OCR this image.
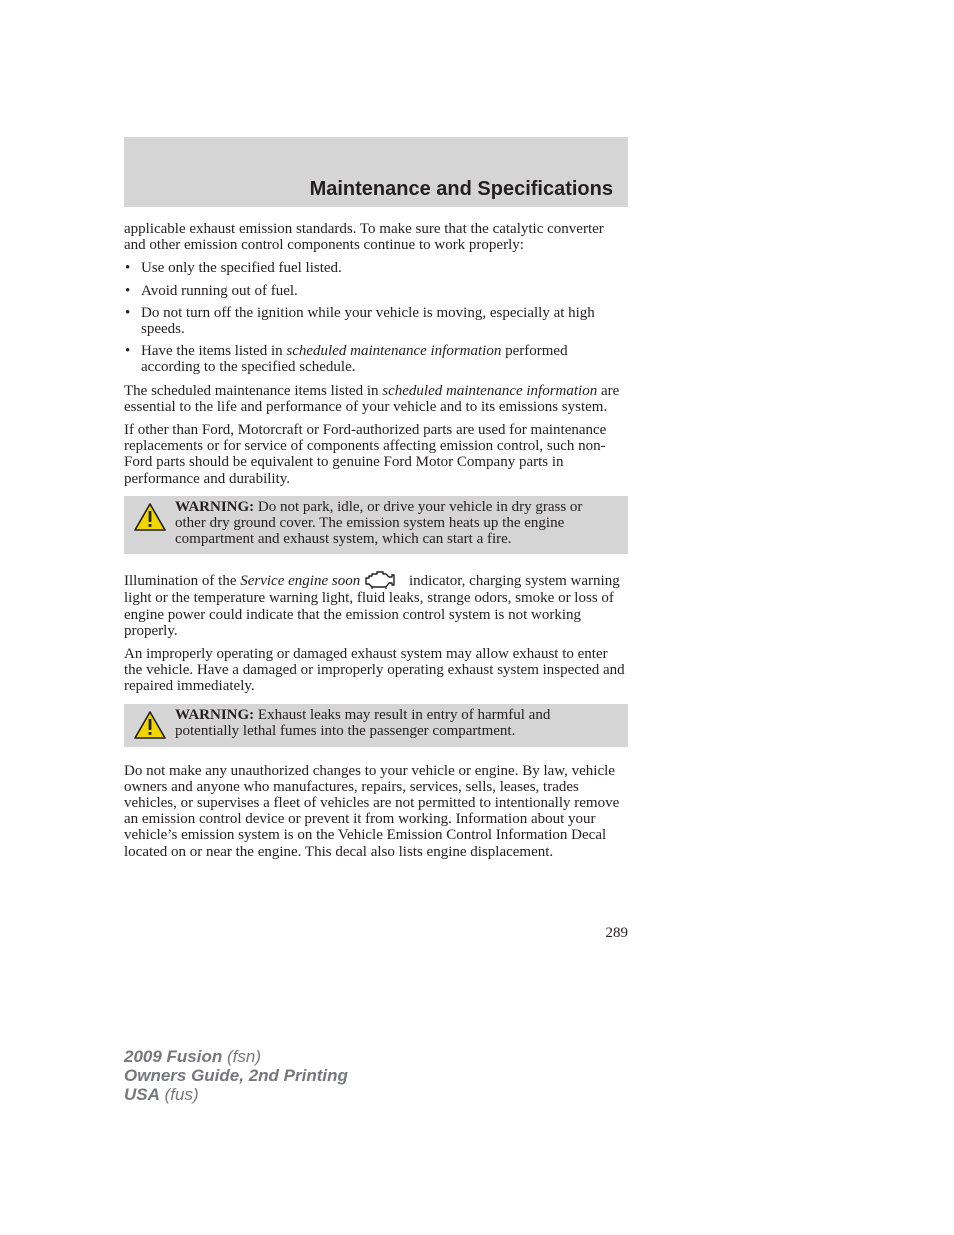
Maintenance and Specifications

applicable exhaust emission standards. To make sure that the catalytic converter and other emission control components continue to work properly:

• Use only the specified fuel listed.
• Avoid running out of fuel.
• Do not turn off the ignition while your vehicle is moving, especially at high speeds.
• Have the items listed in scheduled maintenance information performed according to the specified schedule.

The scheduled maintenance items listed in scheduled maintenance information are essential to the life and performance of your vehicle and to its emissions system.

If other than Ford, Motorcraft or Ford-authorized parts are used for maintenance replacements or for service of components affecting emission control, such non-Ford parts should be equivalent to genuine Ford Motor Company parts in performance and durability.

WARNING: Do not park, idle, or drive your vehicle in dry grass or other dry ground cover. The emission system heats up the engine compartment and exhaust system, which can start a fire.

Illumination of the Service engine soon	indicator, charging system warning light or the temperature warning light, fluid leaks, strange odors, smoke or loss of engine power could indicate that the emission control system is not working properly.

An improperly operating or damaged exhaust system may allow exhaust to enter the vehicle. Have a damaged or improperly operating exhaust system inspected and repaired immediately.

WARNING: Exhaust leaks may result in entry of harmful and potentially lethal fumes into the passenger compartment.

Do not make any unauthorized changes to your vehicle or engine. By law, vehicle owners and anyone who manufactures, repairs, services, sells, leases, trades vehicles, or supervises a fleet of vehicles are not permitted to intentionally remove an emission control device or prevent it from working. Information about your vehicle’s emission system is on the Vehicle Emission Control Information Decal located on or near the engine. This decal also lists engine displacement.

289
2009 Fusion (fsn)
Owners Guide, 2nd Printing
USA (fus)
